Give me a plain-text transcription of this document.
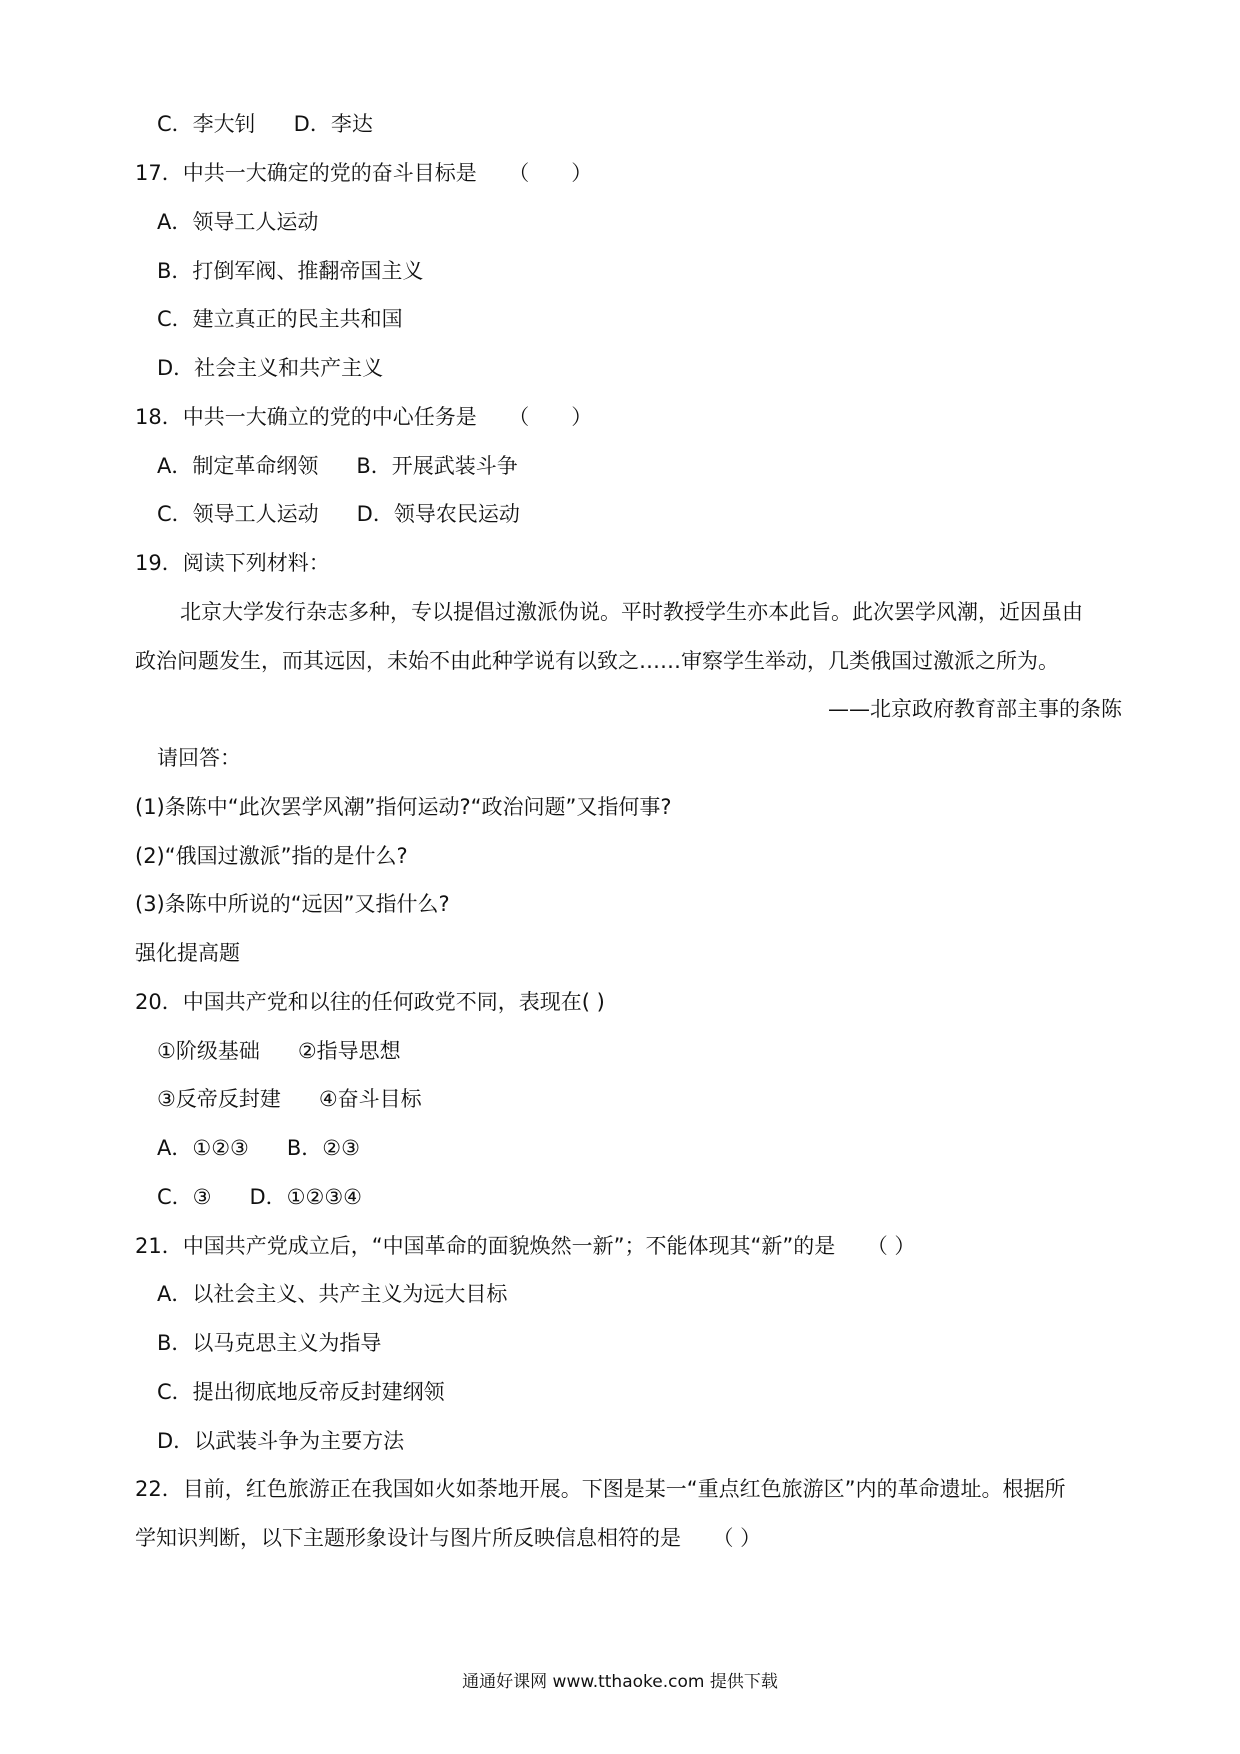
C．李大钊 D．李达
17．中共一大确定的党的奋斗目标是　　（　　）
A．领导工人运动
B．打倒军阀、推翻帝国主义
C．建立真正的民主共和国
D．社会主义和共产主义
18．中共一大确立的党的中心任务是　　（　　）
A．制定革命纲领 B．开展武装斗争
C．领导工人运动 D．领导农民运动
19．阅读下列材料：
北京大学发行杂志多种，专以提倡过激派伪说。平时教授学生亦本此旨。此次罢学风潮，近因虽由
政治问题发生，而其远因，未始不由此种学说有以致之……审察学生举动，几类俄国过激派之所为。
——北京政府教育部主事的条陈
请回答：
(1)条陈中“此次罢学风潮”指何运动?“政治问题”又指何事?
(2)“俄国过激派”指的是什么?
(3)条陈中所说的“远因”又指什么?
强化提高题
20．中国共产党和以往的任何政党不同，表现在( )
①阶级基础 ②指导思想
③反帝反封建 ④奋斗目标
A．①②③ B．②③
C．③ D．①②③④
21．中国共产党成立后，“中国革命的面貌焕然一新”；不能体现其“新”的是　　（ ）
A．以社会主义、共产主义为远大目标
B．以马克思主义为指导
C．提出彻底地反帝反封建纲领
D．以武装斗争为主要方法
22．目前，红色旅游正在我国如火如荼地开展。下图是某一“重点红色旅游区”内的革命遗址。根据所
学知识判断，以下主题形象设计与图片所反映信息相符的是　　（ ）
通通好课网 www.tthaoke.com 提供下载
